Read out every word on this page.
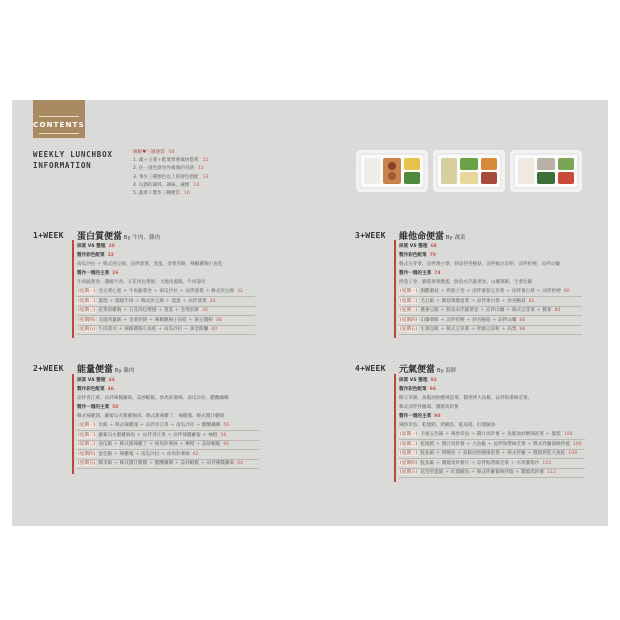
CONTENTS
WEEKLY LUNCHBOX
INFORMATION
圖解♥三層便當 04
1. 蔬＋主菜＋配菜營養素材搭系 11
2. 任一道色澤也外維顏的食譜 12
3. 事少三種顏色以上的層色搭配 13
4. 玩偶的調料、調味、處理 14
5. 蔬菜 / 製作三種便當 16
1+WEEK 蛋白質便當 By 牛肉．雞肉
採買 VS 整理 20
製作彩色配菜 22
南瓜沙拉 ＋ 韓式煎豆腐、涼拌菠菜、蒸蛋、金菜煎餅、辣椒雞胸小魚乾
製作一週的主菜 26
牛肉蔬菜卷、醬燒牛肉、五花肉包菜捲、叉燒肉蓋飯、牛肉壽司
(星期一) 毛豆菜心蛋 ＋ 牛肉蔬菜卷 ＋ 南瓜沙拉 ＋ 涼拌菠菜 ＋ 韓式煎豆腐 32
(星期二) 薑燒 ＋ 醬燒牛排 ＋ 韓式煎豆腐 ＋ 蒸蛋 ＋ 涼拌菠菜 34
(星期三) 花菜煎雞胸 ＋ 五花肉包菜捲 ＋ 蒸蛋 ＋ 金菜煎餅 36
(星期四) 叉燒肉蓋飯 ＋ 金菜煎餅 ＋ 辣椒雞胸小魚乾 ＋ 黃豆醬粉 38
(星期五) 牛肉壽司 ＋ 辣椒雞胸小魚乾 ＋ 南瓜沙拉 ＋ 黃金飯糰 40
3+WEEK 維他命便當 By 蔬菜
採買 VS 整理 68
製作彩色配菜 70
韓式豆芽菜、涼拌番白菜、炒涼拌杏鮑菇、涼拌綠豆涼粉、涼拌桔梗、涼拌山藥
製作一週的主菜 74
烤茄子卷、蘑菇菜菜燉蛋、鮮魚水芹蔬菜卷、山藥菜飯、生菜包飯
(星期一) 甜醋蘑菇 ＋ 烤茄子卷 ＋ 涼拌番茄豆芽菜 ＋ 涼拌番白菜 ＋ 涼拌桔梗 80
(星期二) 毛豆飯 ＋ 蘑菇菜燉蛋菜 ＋ 涼拌番白菜 ＋ 炒杏鮑菇 82
(星期三) 蕎麥豆飯 ＋ 鮮魚水芹蔬菜卷 ＋ 涼拌山藥 ＋ 韓式豆芽菜 ＋ 蕎麥 84
(星期四) 山藥菜飯 ＋ 涼拌桔梗 ＋ 炒杏鮑菇 ＋ 涼拌山藥 86
(星期五) 生菜包飯 ＋ 韓式豆芽菜 ＋ 拌綠豆涼粉 ＋ 高梨 88
2+WEEK 能量便當 By 雞肉
採買 VS 整理 44
製作彩色配菜 46
涼拌青江菜、涼拌辣醬蘿蔔、蒜炒蝦鬆、炒馬鈴薯絲、南瓜沙拉、醋醃藕瓣
製作一週的主菜 50
韓式辣雞翅、蘿蔔勾火腿雞胸肉、韓式甜辣雞丁、辣雞塊、韓式醬汁雞腿
(星期一) 米飯 ＋ 韓式辣雞翅 ＋ 涼拌青江菜 ＋ 南瓜沙拉 ＋ 醋醃藕瓣 56
(星期二) 蘿蔔勾火腿雞胸肉 ＋ 涼拌青江菜 ＋ 涼拌辣醬蘿蔔 ＋ 柚橙 58
(星期三) 南瓜飯 ＋ 韓式甜辣雞丁 ＋ 炒馬鈴薯絲 ＋ 柳橙 ＋ 蒜炒蝦鬆 60
(星期四) 蛋包飯 ＋ 辣雞塊 ＋ 南瓜沙拉 ＋ 炒馬鈴薯絲 62
(星期五) 糯米飯 ＋ 韓式醬汁雞腿 ＋ 醋醃藕瓣 ＋ 蒜炒蝦鬆 ＋ 涼拌辣醬蘿蔔 64
4+WEEK 元氣便當 By 海鮮
採買 VS 整理 92
製作彩色配菜 94
糯玉米粥、魚鬆油炒酸辣泡菜、醬香烤大魚鬆、涼拌海帶絲莖菜、
韓式涼拌拌蘿蔔、醬燒馬鈴薯
製作一週的主菜 98
辣炒章魚、乾燒鱈、烤鰻魚、鮭魚捲、紅燒鯖魚
(星期一) 卡通五色飯 ＋ 辣炒章魚 ＋ 醬汁馬鈴薯 ＋ 魚鬆油炒酸辣泡菜 ＋ 鳳梨 104
(星期二) 乾燒鱈 ＋ 醬汁馬鈴薯 ＋ 大魚鬆 ＋ 涼拌海帶絲莖菜 ＋ 韓式拌蘿蔔絲拌燒 106
(星期三) 鮭魚飯 ＋ 烤鰻魚 ＋ 魚鬆油炒酸辣泡菜 ＋ 韓式拌蘿 ＋ 醬燒烤乾大魚乾 108
(星期四) 鮭魚飯 ＋ 醬燒馬鈴薯片 ＋ 涼拌海帶絲莖菜 ＋ 水果羅勒沙 110
(星期五) 花型煎蛋飯 ＋ 紅燒鯖魚 ＋ 韓式拌蘿蔔絲拌燒 ＋ 醬燒馬鈴薯 112
